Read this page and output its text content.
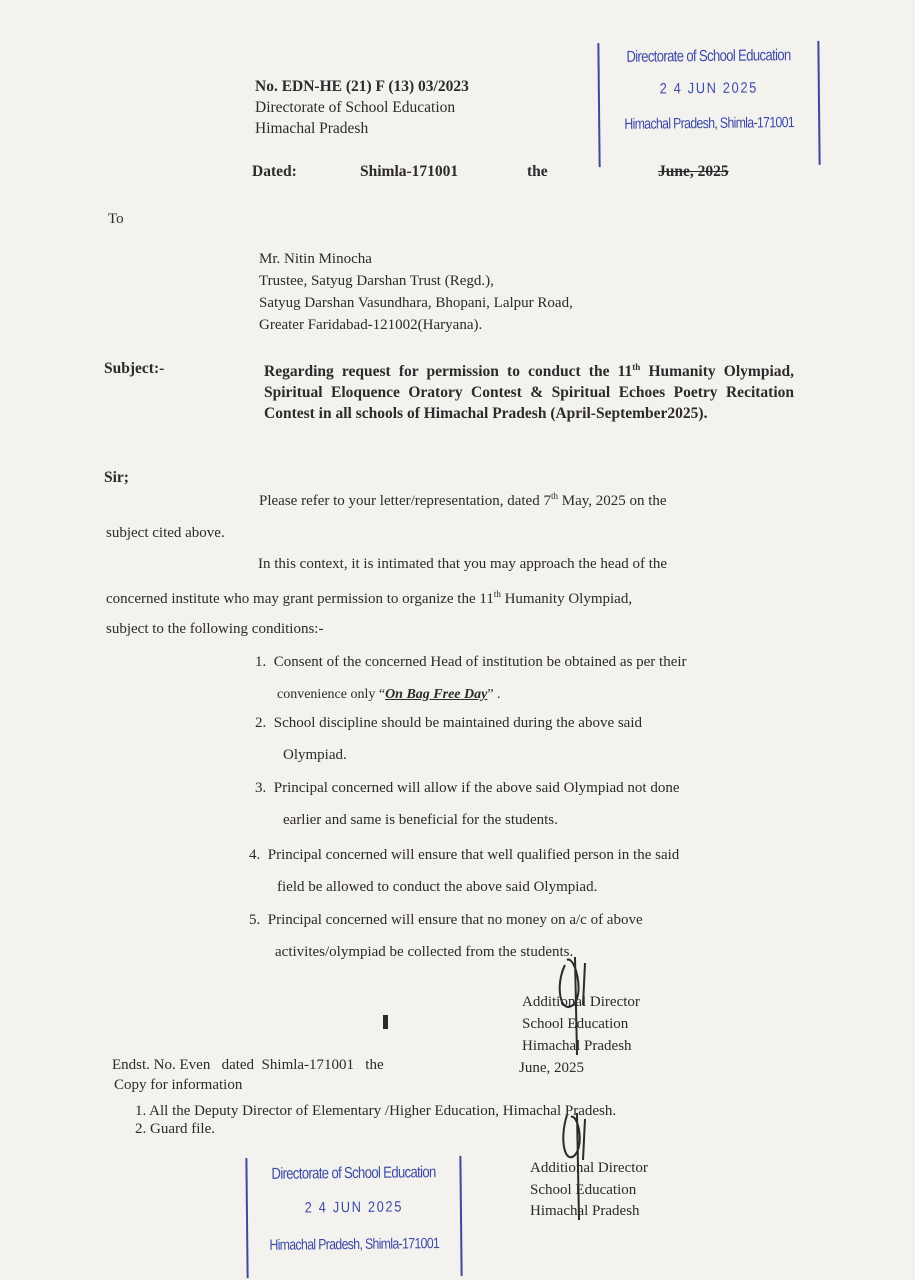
No. EDN-HE (21) F (13) 03/2023
Directorate of School Education
Himachal Pradesh
Dated:	Shimla-171001	the	June, 2025
Directorate of School Education
2 4 JUN 2025
Himachal Pradesh, Shimla-171001
To
Mr. Nitin Minocha
Trustee, Satyug Darshan Trust (Regd.),
Satyug Darshan Vasundhara, Bhopani, Lalpur Road,
Greater Faridabad-121002(Haryana).
Subject:-	Regarding request for permission to conduct the 11th Humanity Olympiad, Spiritual Eloquence Oratory Contest & Spiritual Echoes Poetry Recitation Contest in all schools of Himachal Pradesh (April-September2025).
Sir;
Please refer to your letter/representation, dated 7th May, 2025 on the
subject cited above.
In this context, it is intimated that you may approach the head of the
concerned institute who may grant permission to organize the 11th Humanity Olympiad,
subject to the following conditions:-
1. Consent of the concerned Head of institution be obtained as per their
convenience only “On Bag Free Day” .
2. School discipline should be maintained during the above said
Olympiad.
3. Principal concerned will allow if the above said Olympiad not done
earlier and same is beneficial for the students.
4. Principal concerned will ensure that well qualified person in the said
field be allowed to conduct the above said Olympiad.
5. Principal concerned will ensure that no money on a/c of above
activites/olympiad be collected from the students.
Additional Director
School Education
Himachal Pradesh
June, 2025
Endst. No. Even   dated  Shimla-171001   the
Copy for information
1. All the Deputy Director of Elementary /Higher Education, Himachal Pradesh.
2. Guard file.
Additional Director
School Education
Himachal Pradesh
Directorate of School Education
2 4 JUN 2025
Himachal Pradesh, Shimla-171001
